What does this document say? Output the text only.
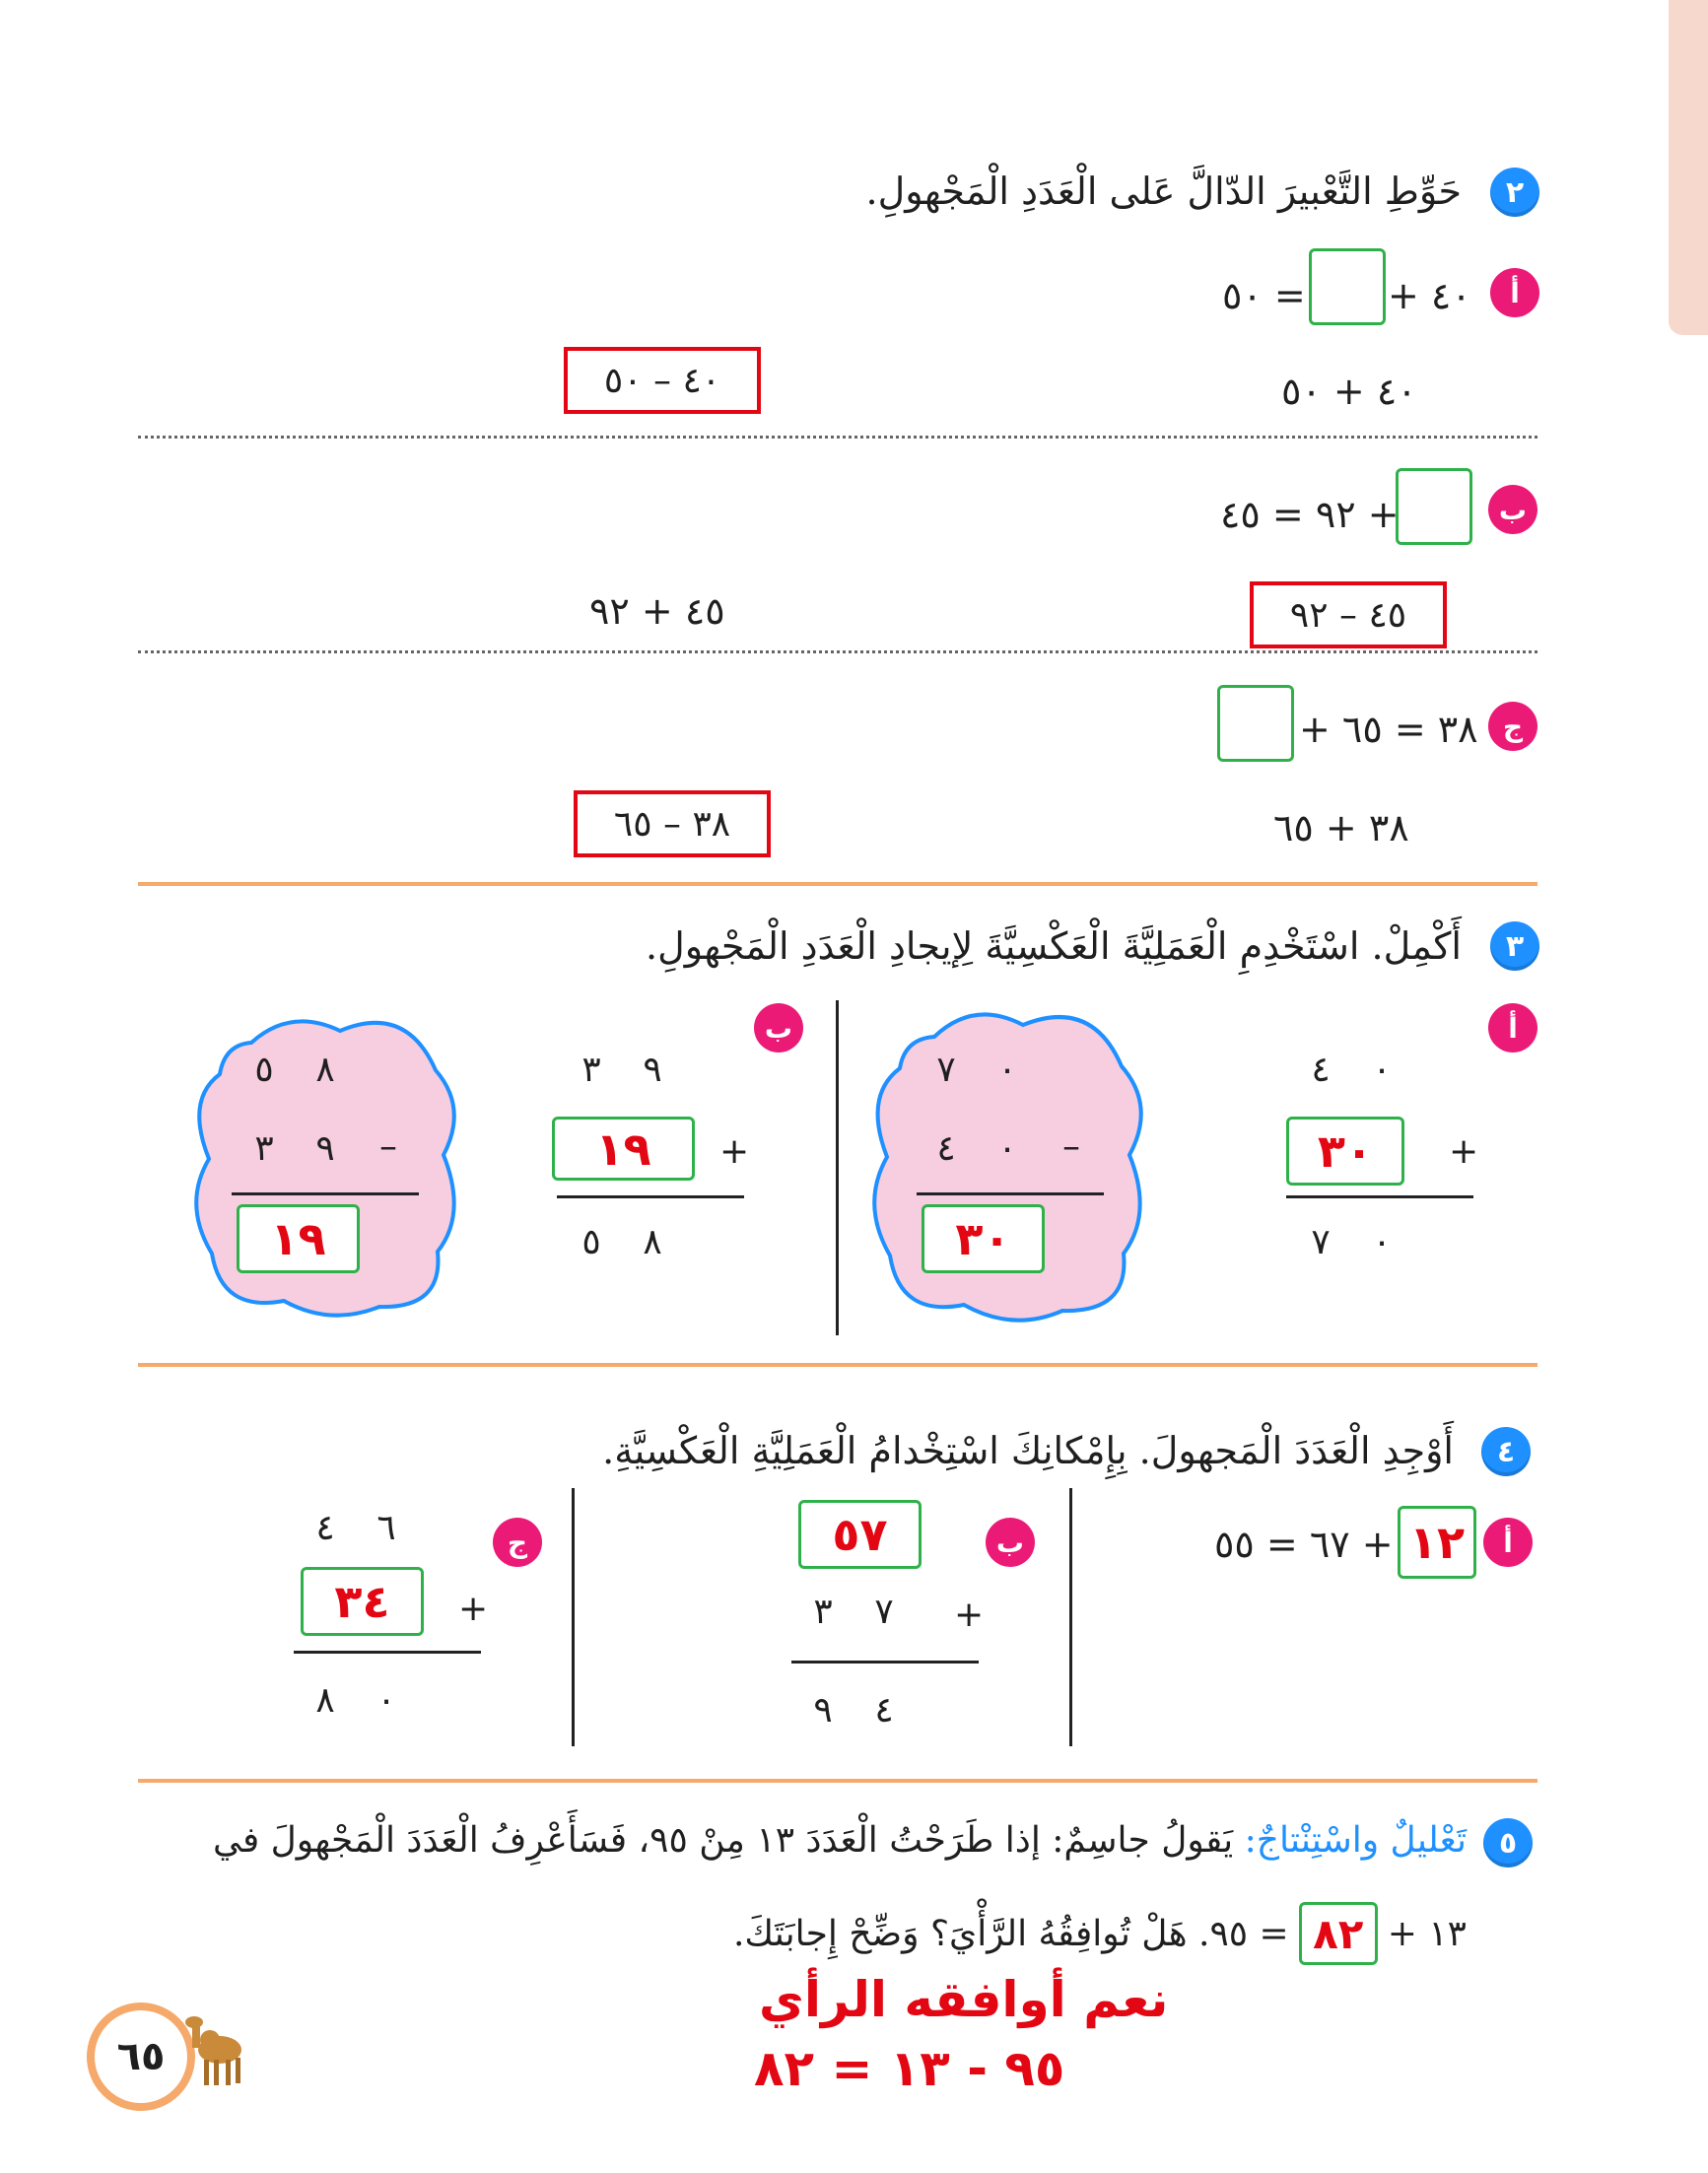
٢
حَوِّطِ التَّعْبيرَ الدّالَّ عَلى الْعَدَدِ الْمَجْهولِ.
أ
+ ٤٠
٥٠ =
٤٠ + ٥٠
٤٠ – ٥٠
ب
٩٢ = ٤٥ +
٤٥ – ٩٢
٤٥ + ٩٢
ج
+ ٣٨ = ٦٥
٣٨ + ٦٥
٣٨ – ٦٥
٣
أَكْمِلْ. اسْتَخْدِمِ الْعَمَلِيَّةَ الْعَكْسِيَّةَ لِإيجادِ الْعَدَدِ الْمَجْهولِ.
أ
٤ ٠
٣٠	+
٧ ٠
٧ ٠
٤ ٠ –
٣٠
ب
٣ ٩
١٩	+
٥ ٨
٥ ٨
٣ ٩ –
١٩
٤
أَوْجِدِ الْعَدَدَ الْمَجهولَ. بِإِمْكانِكَ اسْتِخْدامُ الْعَمَلِيَّةِ الْعَكْسِيَّةِ.
أ
١٢
٦٧ = ٥٥ +
ب
٥٧
٣ ٧ +
٩ ٤
ج
٤ ٦
٣٤	+
٨ ٠
٥
تَعْليلٌ واسْتِنْتاجٌ: يَقولُ جاسِمٌ: إذا طَرَحْتُ الْعَدَدَ ١٣ مِنْ ٩٥، فَسَأَعْرِفُ الْعَدَدَ الْمَجْهولَ في
١٣ +
٨٢
= ٩٥. هَلْ تُوافِقُهُ الرَّأْيَ؟ وَضِّحْ إِجابَتَكَ.
نعم أوافقه الرأي
٩٥ - ١٣ = ٨٢
٦٥
